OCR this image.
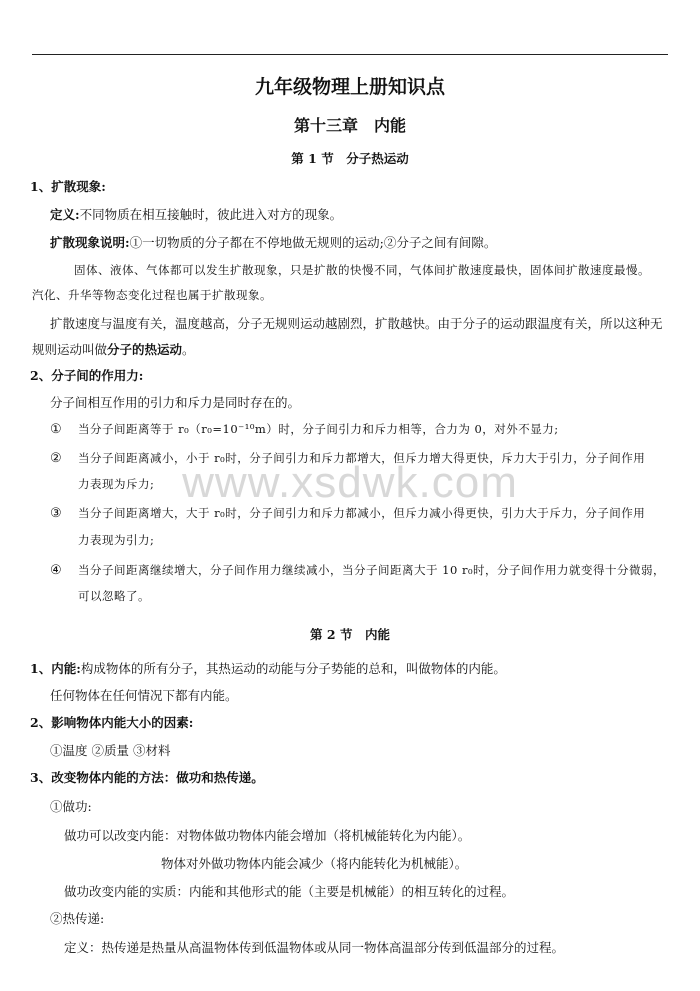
www.xsdwk.com
九年级物理上册知识点
第十三章　内能
第 1 节　分子热运动
1、扩散现象:
定义:不同物质在相互接触时，彼此进入对方的现象。
扩散现象说明:①一切物质的分子都在不停地做无规则的运动;②分子之间有间隙。
固体、液体、气体都可以发生扩散现象，只是扩散的快慢不同，气体间扩散速度最快，固体间扩散速度最慢。
汽化、升华等物态变化过程也属于扩散现象。
扩散速度与温度有关，温度越高，分子无规则运动越剧烈，扩散越快。由于分子的运动跟温度有关，所以这种无
规则运动叫做分子的热运动。
2、分子间的作用力:
分子间相互作用的引力和斥力是同时存在的。
① 当分子间距离等于 r₀（r₀=10⁻¹⁰m）时，分子间引力和斥力相等，合力为 0，对外不显力;
② 当分子间距离减小，小于 r₀时，分子间引力和斥力都增大，但斥力增大得更快，斥力大于引力，分子间作用
力表现为斥力;
③ 当分子间距离增大，大于 r₀时，分子间引力和斥力都减小，但斥力减小得更快，引力大于斥力，分子间作用
力表现为引力;
④ 当分子间距离继续增大，分子间作用力继续减小，当分子间距离大于 10 r₀时，分子间作用力就变得十分微弱，
可以忽略了。
第 2 节　内能
1、内能:构成物体的所有分子，其热运动的动能与分子势能的总和，叫做物体的内能。
任何物体在任何情况下都有内能。
2、影响物体内能大小的因素:
①温度 ②质量 ③材料
3、改变物体内能的方法：做功和热传递。
①做功:
做功可以改变内能：对物体做功物体内能会增加（将机械能转化为内能）。
物体对外做功物体内能会减少（将内能转化为机械能）。
做功改变内能的实质：内能和其他形式的能（主要是机械能）的相互转化的过程。
②热传递:
定义：热传递是热量从高温物体传到低温物体或从同一物体高温部分传到低温部分的过程。
